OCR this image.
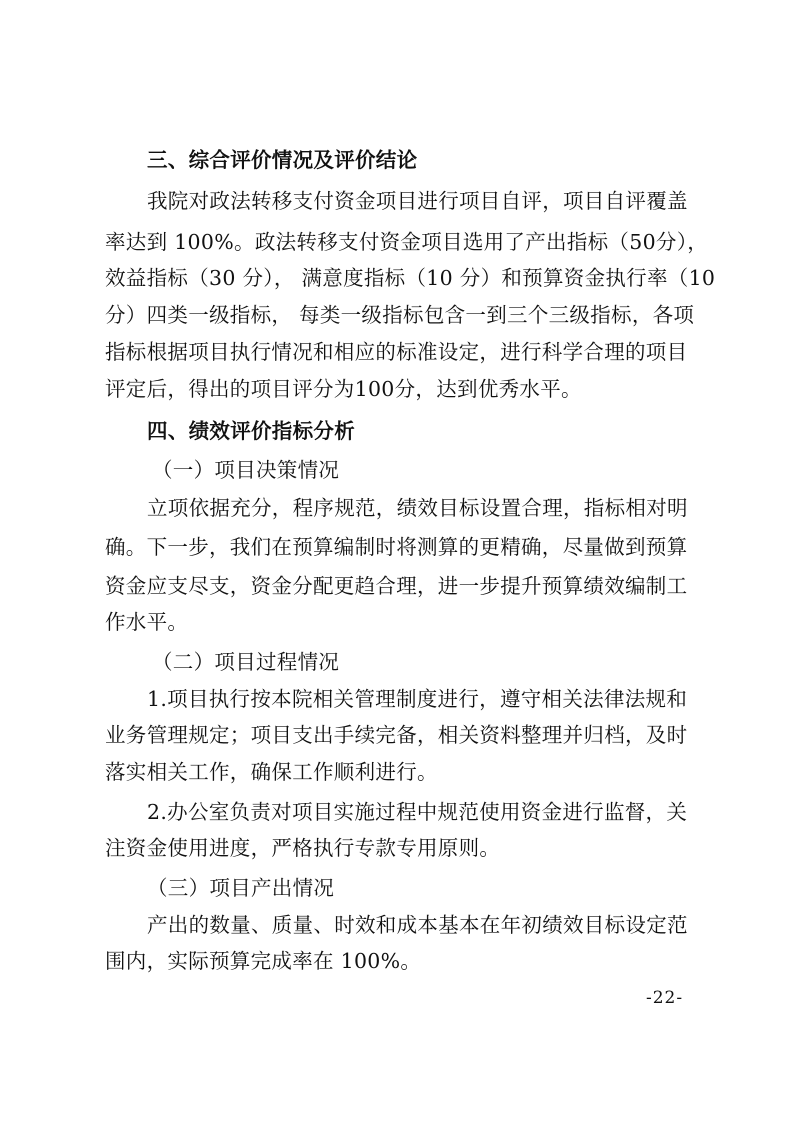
三、综合评价情况及评价结论

我院对政法转移支付资金项目进行项目自评，项目自评覆盖

率达到 100%。政法转移支付资金项目选用了产出指标（50分），

效益指标（30 分）， 满意度指标（10 分）和预算资金执行率（10

分）四类一级指标， 每类一级指标包含一到三个三级指标，各项

指标根据项目执行情况和相应的标准设定，进行科学合理的项目

评定后，得出的项目评分为100分，达到优秀水平。

四、绩效评价指标分析

（一）项目决策情况

立项依据充分，程序规范，绩效目标设置合理，指标相对明

确。下一步，我们在预算编制时将测算的更精确，尽量做到预算

资金应支尽支，资金分配更趋合理，进一步提升预算绩效编制工

作水平。

（二）项目过程情况

1.项目执行按本院相关管理制度进行，遵守相关法律法规和

业务管理规定；项目支出手续完备，相关资料整理并归档，及时

落实相关工作，确保工作顺利进行。

2.办公室负责对项目实施过程中规范使用资金进行监督，关

注资金使用进度，严格执行专款专用原则。

（三）项目产出情况

产出的数量、质量、时效和成本基本在年初绩效目标设定范

围内，实际预算完成率在 100%。

-22-
